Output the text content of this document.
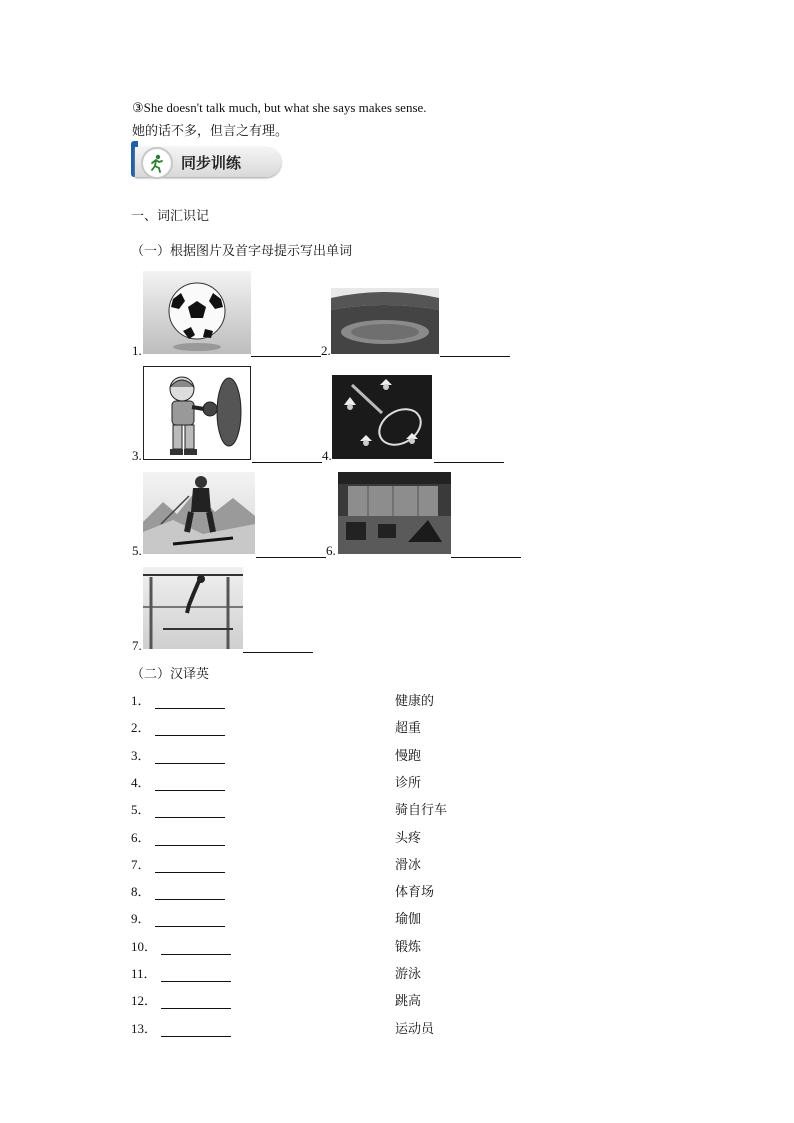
③She doesn't talk much, but what she says makes sense.
她的话不多，但言之有理。
同步训练
一、词汇识记
（一）根据图片及首字母提示写出单词
1.	2.
3.	4.
5.	6.
7.
（二）汉译英
1．	健康的
2．	超重
3．	慢跑
4．	诊所
5．	骑自行车
6．	头疼
7．	滑冰
8．	体育场
9．	瑜伽
10．	锻炼
11．	游泳
12．	跳高
13．	运动员
